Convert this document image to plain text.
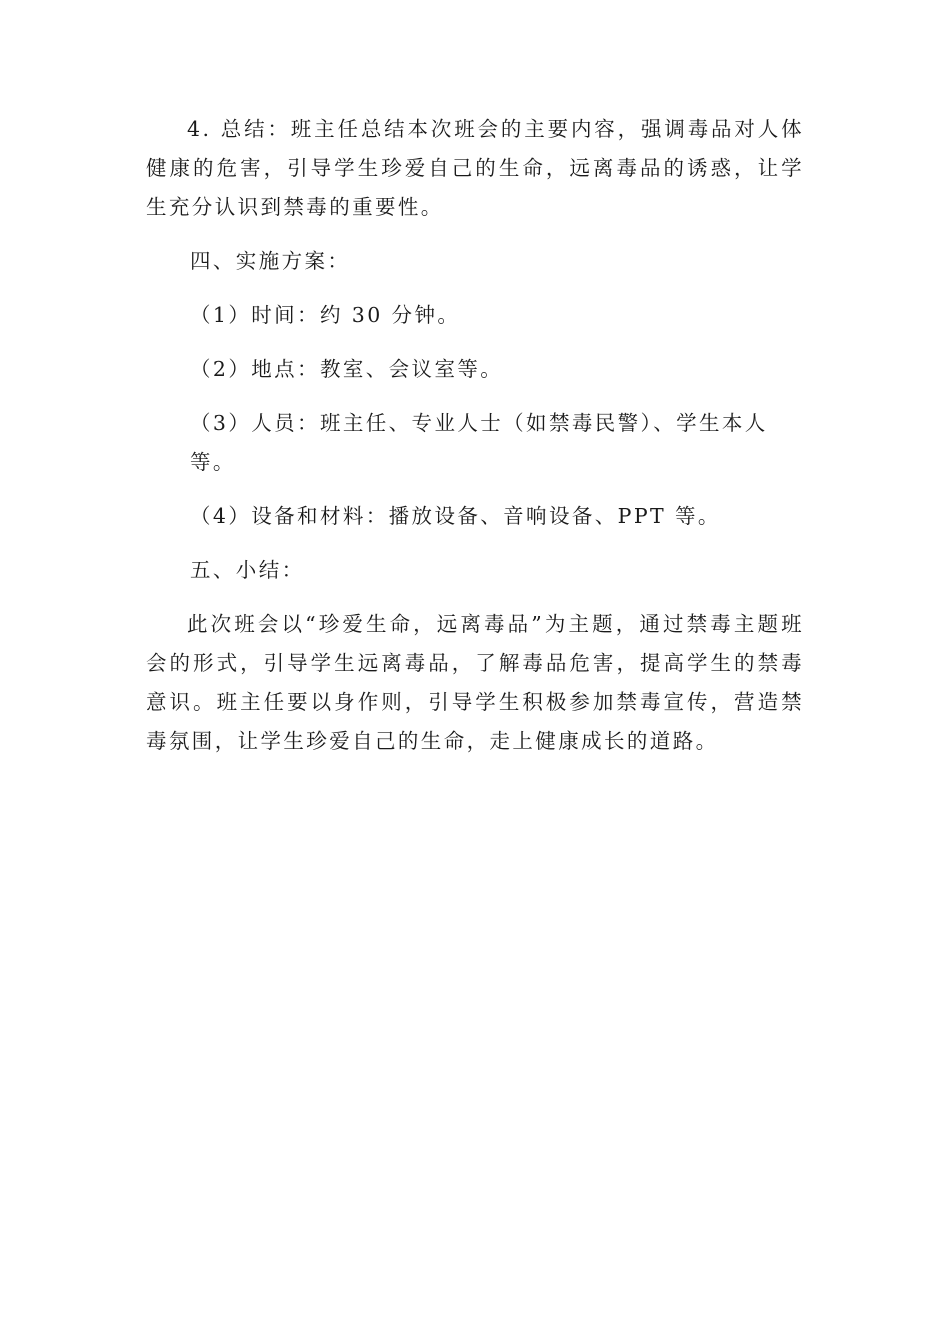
4. 总结：班主任总结本次班会的主要内容，强调毒品对人体健康的危害，引导学生珍爱自己的生命，远离毒品的诱惑，让学生充分认识到禁毒的重要性。

四、实施方案：

（1）时间：约 30 分钟。

（2）地点：教室、会议室等。

（3）人员：班主任、专业人士（如禁毒民警）、学生本人等。

（4）设备和材料：播放设备、音响设备、PPT 等。

五、小结：

此次班会以“珍爱生命，远离毒品”为主题，通过禁毒主题班会的形式，引导学生远离毒品，了解毒品危害，提高学生的禁毒意识。班主任要以身作则，引导学生积极参加禁毒宣传，营造禁毒氛围，让学生珍爱自己的生命，走上健康成长的道路。
